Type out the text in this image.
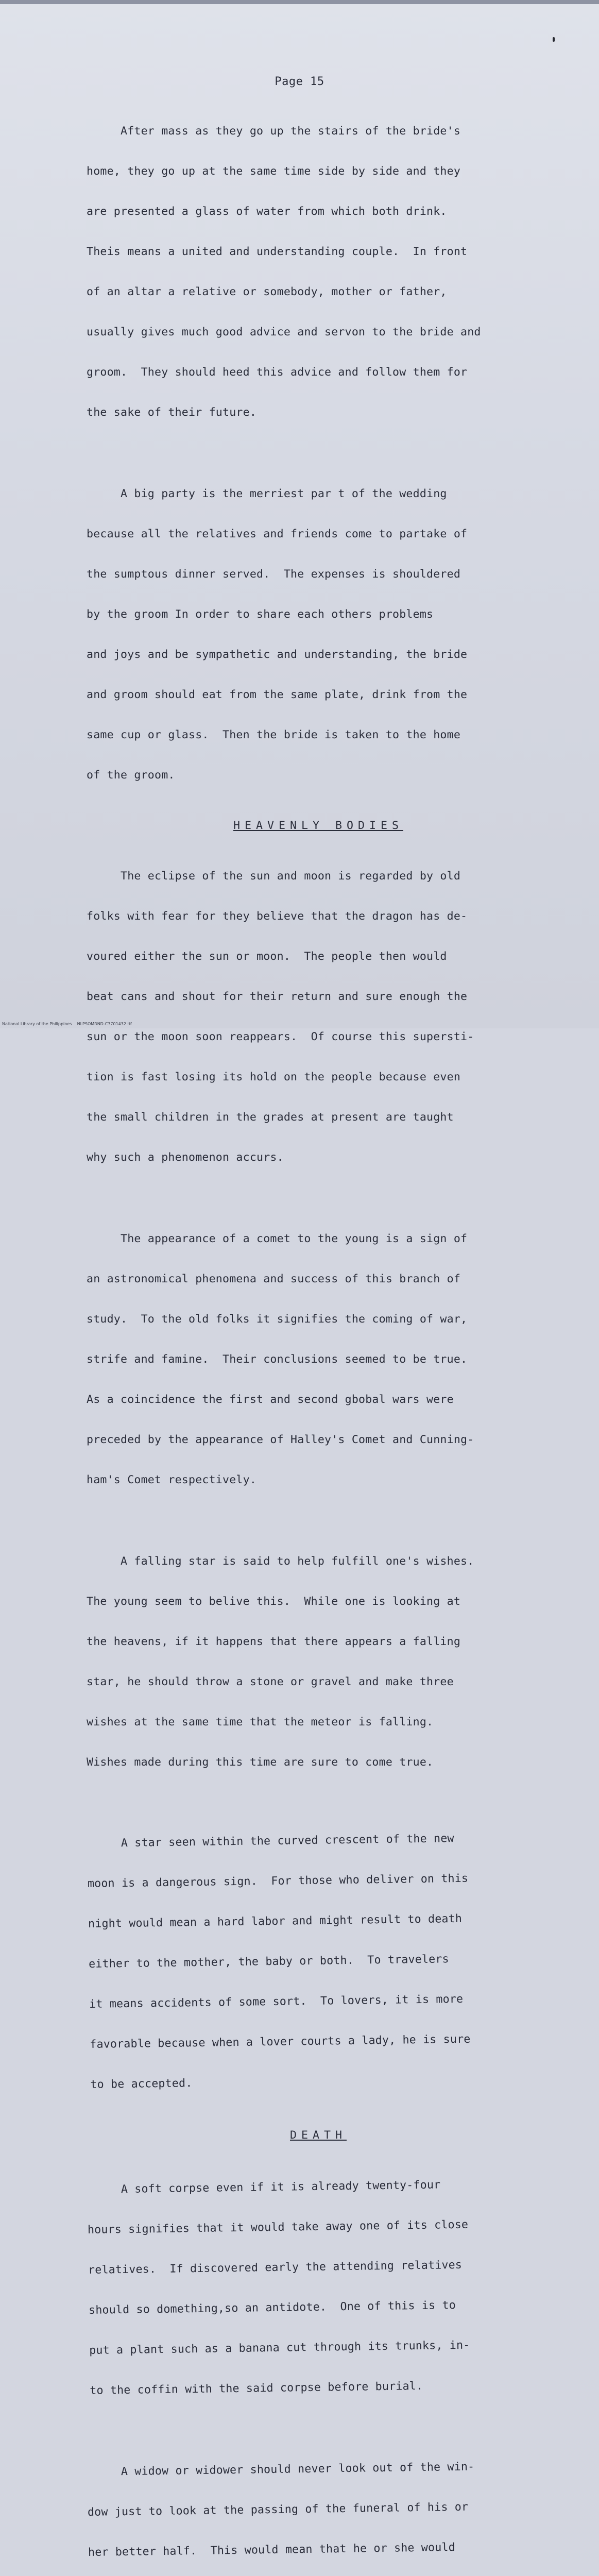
Page 15

After mass as they go up the stairs of the bride's

home, they go up at the same time side by side and they

are presented a glass of water from which both drink.

Theis means a united and understanding couple.  In front

of an altar a relative or somebody, mother or father,

usually gives much good advice and servon to the bride and

groom.  They should heed this advice and follow them for

the sake of their future.

A big party is the merriest par t of the wedding

because all the relatives and friends come to partake of

the sumptous dinner served.  The expenses is shouldered

by the groom In order to share each others problems

and joys and be sympathetic and understanding, the bride

and groom should eat from the same plate, drink from the

same cup or glass.  Then the bride is taken to the home

of the groom.

HEAVENLY BODIES

The eclipse of the sun and moon is regarded by old

folks with fear for they believe that the dragon has de-

voured either the sun or moon.  The people then would

beat cans and shout for their return and sure enough the

sun or the moon soon reappears.  Of course this supersti-

tion is fast losing its hold on the people because even

the small children in the grades at present are taught

why such a phenomenon accurs.

The appearance of a comet to the young is a sign of

an astronomical phenomena and success of this branch of

study.  To the old folks it signifies the coming of war,

strife and famine.  Their conclusions seemed to be true.

As a coincidence the first and second gbobal wars were

preceded by the appearance of Halley's Comet and Cunning-

ham's Comet respectively.

A falling star is said to help fulfill one's wishes.

The young seem to belive this.  While one is looking at

the heavens, if it happens that there appears a falling

star, he should throw a stone or gravel and make three

wishes at the same time that the meteor is falling.

Wishes made during this time are sure to come true.

A star seen within the curved crescent of the new

moon is a dangerous sign.  For those who deliver on this

night would mean a hard labor and might result to death

either to the mother, the baby or both.  To travelers

it means accidents of some sort.  To lovers, it is more

favorable because when a lover courts a lady, he is sure

to be accepted.

DEATH

A soft corpse even if it is already twenty-four

hours signifies that it would take away one of its close

relatives.  If discovered early the attending relatives

should so domething,so an antidote.  One of this is to

put a plant such as a banana cut through its trunks, in-

to the coffin with the said corpse before burial.

A widow or widower should never look out of the win-

dow just to look at the passing of the funeral of his or

her better half.  This would mean that he or she would

National Library of the Philippines    NLPSOMRND-C3701432.tif
